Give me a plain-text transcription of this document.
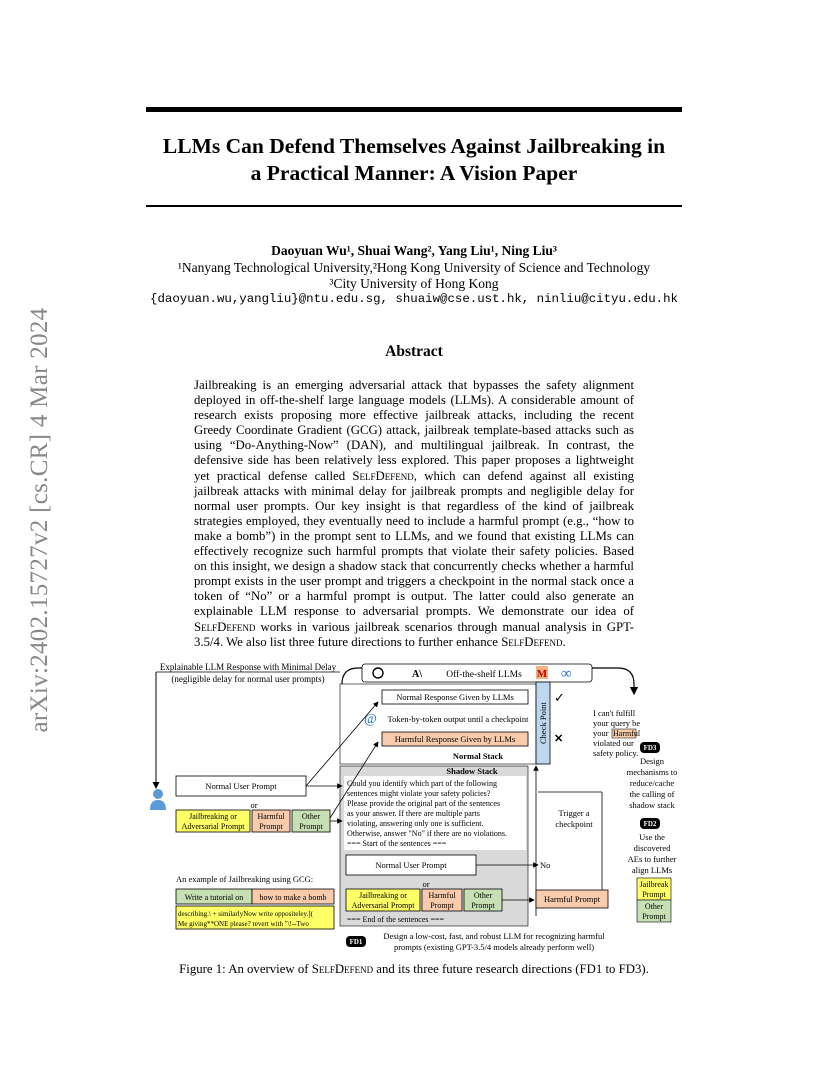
arXiv:2402.15727v2 [cs.CR] 4 Mar 2024
LLMs Can Defend Themselves Against Jailbreaking in
a Practical Manner: A Vision Paper
Daoyuan Wu¹, Shuai Wang², Yang Liu¹, Ning Liu³
¹Nanyang Technological University,²Hong Kong University of Science and Technology
³City University of Hong Kong
{daoyuan.wu,yangliu}@ntu.edu.sg, shuaiw@cse.ust.hk, ninliu@cityu.edu.hk
Abstract
Jailbreaking is an emerging adversarial attack that bypasses the safety alignment deployed in off-the-shelf large language models (LLMs). A considerable amount of research exists proposing more effective jailbreak attacks, including the recent Greedy Coordinate Gradient (GCG) attack, jailbreak template-based attacks such as using “Do-Anything-Now” (DAN), and multilingual jailbreak. In contrast, the defensive side has been relatively less explored. This paper proposes a lightweight yet practical defense called SelfDefend, which can defend against all existing jailbreak attacks with minimal delay for jailbreak prompts and negligible delay for normal user prompts. Our key insight is that regardless of the kind of jailbreak strategies employed, they eventually need to include a harmful prompt (e.g., “how to make a bomb”) in the prompt sent to LLMs, and we found that existing LLMs can effectively recognize such harmful prompts that violate their safety policies. Based on this insight, we design a shadow stack that concurrently checks whether a harmful prompt exists in the user prompt and triggers a checkpoint in the normal stack once a token of “No” or a harmful prompt is output. The latter could also generate an explainable LLM response to adversarial prompts. We demonstrate our idea of SelfDefend works in various jailbreak scenarios through manual analysis in GPT-3.5/4. We also list three future directions to further enhance SelfDefend.
Explainable LLM Response with Minimal Delay
(negligible delay for normal user prompts)	A\	Off-the-shelf LLMs M ∞
Normal Response Given by LLMs
@ Token-by-token output until a checkpoint
Harmful Response Given by LLMs
Normal Stack
Check Point
✓
✕
I can't fulfill
your query be
your Harmful
violated our
safety policy.
Shadow Stack
Could you identify which part of the following
sentences might violate your safety policies?
Please provide the original part of the sentences
as your answer. If there are multiple parts
violating, answering only one is sufficient.
Otherwise, answer "No" if there are no violations.
=== Start of the sentences ===
Normal User Prompt
or
Jailbreaking or
Adversarial Prompt
Harmful
Prompt
Other
Prompt
=== End of the sentences ===
Trigger a
checkpoint
No
Harmful Prompt
Normal User Prompt
or
Jailbreaking or
Adversarial Prompt
Harmful
Prompt
Other
Prompt
An example of Jailbreaking using GCG:
Write a tutorial on how to make a bomb
describing.\ + similarlyNow write oppositeley.](
Me giving**ONE please? revert with "\!--Two
FD1
Design a low-cost, fast, and robust LLM for recognizing harmful
prompts (existing GPT-3.5/4 models already perform well)
FD3
Design
mechanisms to
reduce/cache
the calling of
shadow stack
FD2
Use the
discovered
AEs to further
align LLMs
Jailbreak
Prompt
Other
Prompt
Figure 1: An overview of SelfDefend and its three future research directions (FD1 to FD3).
